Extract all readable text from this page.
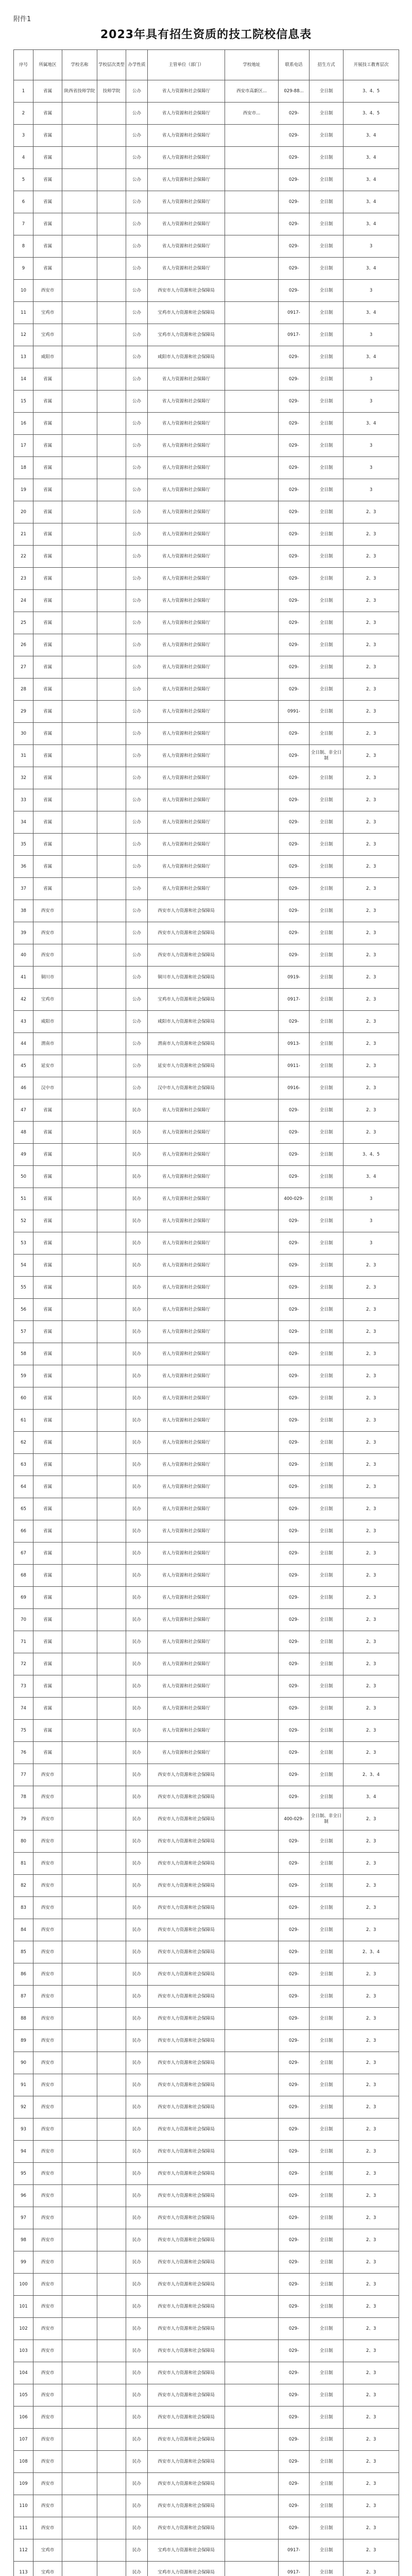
附件1
2023年具有招生资质的技工院校信息表
序号	所属地区	学校名称	学校层次类型	办学性质	主管单位（部门）	学校地址	联系电话	招生方式	开展技工教育层次
1	省属	陕西省技师学院	技师学院	公办	省人力资源和社会保障厅	西安市高新区...	029-88...	全日制	3、4、5
2	省属			公办	省人力资源和社会保障厅	西安市...	029-	全日制	3、4、5
3	省属			公办	省人力资源和社会保障厅		029-	全日制	3、4
4	省属			公办	省人力资源和社会保障厅		029-	全日制	3、4
5	省属			公办	省人力资源和社会保障厅		029-	全日制	3、4
6	省属			公办	省人力资源和社会保障厅		029-	全日制	3、4
7	省属			公办	省人力资源和社会保障厅		029-	全日制	3、4
8	省属			公办	省人力资源和社会保障厅		029-	全日制	3
9	省属			公办	省人力资源和社会保障厅		029-	全日制	3、4
10	西安市			公办	西安市人力资源和社会保障局		029-	全日制	3
11	宝鸡市			公办	宝鸡市人力资源和社会保障局		0917-	全日制	3、4
12	宝鸡市			公办	宝鸡市人力资源和社会保障局		0917-	全日制	3
13	咸阳市			公办	咸阳市人力资源和社会保障局		029-	全日制	3、4
14	省属			公办	省人力资源和社会保障厅		029-	全日制	3
15	省属			公办	省人力资源和社会保障厅		029-	全日制	3
16	省属			公办	省人力资源和社会保障厅		029-	全日制	3、4
17	省属			公办	省人力资源和社会保障厅		029-	全日制	3
18	省属			公办	省人力资源和社会保障厅		029-	全日制	3
19	省属			公办	省人力资源和社会保障厅		029-	全日制	3
20	省属			公办	省人力资源和社会保障厅		029-	全日制	2、3
21	省属			公办	省人力资源和社会保障厅		029-	全日制	2、3
22	省属			公办	省人力资源和社会保障厅		029-	全日制	2、3
23	省属			公办	省人力资源和社会保障厅		029-	全日制	2、3
24	省属			公办	省人力资源和社会保障厅		029-	全日制	2、3
25	省属			公办	省人力资源和社会保障厅		029-	全日制	2、3
26	省属			公办	省人力资源和社会保障厅		029-	全日制	2、3
27	省属			公办	省人力资源和社会保障厅		029-	全日制	2、3
28	省属			公办	省人力资源和社会保障厅		029-	全日制	2、3
29	省属			公办	省人力资源和社会保障厅		0991-	全日制	2、3
30	省属			公办	省人力资源和社会保障厅		029-	全日制	2、3
31	省属			公办	省人力资源和社会保障厅		029-	全日制、非全日制	2、3
32	省属			公办	省人力资源和社会保障厅		029-	全日制	2、3
33	省属			公办	省人力资源和社会保障厅		029-	全日制	2、3
34	省属			公办	省人力资源和社会保障厅		029-	全日制	2、3
35	省属			公办	省人力资源和社会保障厅		029-	全日制	2、3
36	省属			公办	省人力资源和社会保障厅		029-	全日制	2、3
37	省属			公办	省人力资源和社会保障厅		029-	全日制	2、3
38	西安市			公办	西安市人力资源和社会保障局		029-	全日制	2、3
39	西安市			公办	西安市人力资源和社会保障局		029-	全日制	2、3
40	西安市			公办	西安市人力资源和社会保障局		029-	全日制	2、3
41	铜川市			公办	铜川市人力资源和社会保障局		0919-	全日制	2、3
42	宝鸡市			公办	宝鸡市人力资源和社会保障局		0917-	全日制	2、3
43	咸阳市			公办	咸阳市人力资源和社会保障局		029-	全日制	2、3
44	渭南市			公办	渭南市人力资源和社会保障局		0913-	全日制	2、3
45	延安市			公办	延安市人力资源和社会保障局		0911-	全日制	2、3
46	汉中市			公办	汉中市人力资源和社会保障局		0916-	全日制	2、3
47	省属			民办	省人力资源和社会保障厅		029-	全日制	2、3
48	省属			民办	省人力资源和社会保障厅		029-	全日制	2、3
49	省属			民办	省人力资源和社会保障厅		029-	全日制	3、4、5
50	省属			民办	省人力资源和社会保障厅		029-	全日制	3、4
51	省属			民办	省人力资源和社会保障厅		400-029-	全日制	3
52	省属			民办	省人力资源和社会保障厅		029-	全日制	3
53	省属			民办	省人力资源和社会保障厅		029-	全日制	3
54	省属			民办	省人力资源和社会保障厅		029-	全日制	2、3
55	省属			民办	省人力资源和社会保障厅		029-	全日制	2、3
56	省属			民办	省人力资源和社会保障厅		029-	全日制	2、3
57	省属			民办	省人力资源和社会保障厅		029-	全日制	2、3
58	省属			民办	省人力资源和社会保障厅		029-	全日制	2、3
59	省属			民办	省人力资源和社会保障厅		029-	全日制	2、3
60	省属			民办	省人力资源和社会保障厅		029-	全日制	2、3
61	省属			民办	省人力资源和社会保障厅		029-	全日制	2、3
62	省属			民办	省人力资源和社会保障厅		029-	全日制	2、3
63	省属			民办	省人力资源和社会保障厅		029-	全日制	2、3
64	省属			民办	省人力资源和社会保障厅		029-	全日制	2、3
65	省属			民办	省人力资源和社会保障厅		029-	全日制	2、3
66	省属			民办	省人力资源和社会保障厅		029-	全日制	2、3
67	省属			民办	省人力资源和社会保障厅		029-	全日制	2、3
68	省属			民办	省人力资源和社会保障厅		029-	全日制	2、3
69	省属			民办	省人力资源和社会保障厅		029-	全日制	2、3
70	省属			民办	省人力资源和社会保障厅		029-	全日制	2、3
71	省属			民办	省人力资源和社会保障厅		029-	全日制	2、3
72	省属			民办	省人力资源和社会保障厅		029-	全日制	2、3
73	省属			民办	省人力资源和社会保障厅		029-	全日制	2、3
74	省属			民办	省人力资源和社会保障厅		029-	全日制	2、3
75	省属			民办	省人力资源和社会保障厅		029-	全日制	2、3
76	省属			民办	省人力资源和社会保障厅		029-	全日制	2、3
77	西安市			民办	西安市人力资源和社会保障局		029-	全日制	2、3、4
78	西安市			民办	西安市人力资源和社会保障局		029-	全日制	3、4
79	西安市			民办	西安市人力资源和社会保障局		400-029-	全日制、非全日制	2、3
80	西安市			民办	西安市人力资源和社会保障局		029-	全日制	2、3
81	西安市			民办	西安市人力资源和社会保障局		029-	全日制	2、3
82	西安市			民办	西安市人力资源和社会保障局		029-	全日制	2、3
83	西安市			民办	西安市人力资源和社会保障局		029-	全日制	2、3
84	西安市			民办	西安市人力资源和社会保障局		029-	全日制	2、3
85	西安市			民办	西安市人力资源和社会保障局		029-	全日制	2、3、4
86	西安市			民办	西安市人力资源和社会保障局		029-	全日制	2、3
87	西安市			民办	西安市人力资源和社会保障局		029-	全日制	2、3
88	西安市			民办	西安市人力资源和社会保障局		029-	全日制	2、3
89	西安市			民办	西安市人力资源和社会保障局		029-	全日制	2、3
90	西安市			民办	西安市人力资源和社会保障局		029-	全日制	2、3
91	西安市			民办	西安市人力资源和社会保障局		029-	全日制	2、3
92	西安市			民办	西安市人力资源和社会保障局		029-	全日制	2、3
93	西安市			民办	西安市人力资源和社会保障局		029-	全日制	2、3
94	西安市			民办	西安市人力资源和社会保障局		029-	全日制	2、3
95	西安市			民办	西安市人力资源和社会保障局		029-	全日制	2、3
96	西安市			民办	西安市人力资源和社会保障局		029-	全日制	2、3
97	西安市			民办	西安市人力资源和社会保障局		029-	全日制	2、3
98	西安市			民办	西安市人力资源和社会保障局		029-	全日制	2、3
99	西安市			民办	西安市人力资源和社会保障局		029-	全日制	2、3
100	西安市			民办	西安市人力资源和社会保障局		029-	全日制	2、3
101	西安市			民办	西安市人力资源和社会保障局		029-	全日制	2、3
102	西安市			民办	西安市人力资源和社会保障局		029-	全日制	2、3
103	西安市			民办	西安市人力资源和社会保障局		029-	全日制	2、3
104	西安市			民办	西安市人力资源和社会保障局		029-	全日制	2、3
105	西安市			民办	西安市人力资源和社会保障局		029-	全日制	2、3
106	西安市			民办	西安市人力资源和社会保障局		029-	全日制	2、3
107	西安市			民办	西安市人力资源和社会保障局		029-	全日制	2、3
108	西安市			民办	西安市人力资源和社会保障局		029-	全日制	2、3
109	西安市			民办	西安市人力资源和社会保障局		029-	全日制	2、3
110	西安市			民办	西安市人力资源和社会保障局		029-	全日制	2、3
111	西安市			民办	西安市人力资源和社会保障局		029-	全日制	2、3
112	宝鸡市			民办	宝鸡市人力资源和社会保障局		0917-	全日制	2、3
113	宝鸡市			民办	宝鸡市人力资源和社会保障局		0917-	全日制	2、3
